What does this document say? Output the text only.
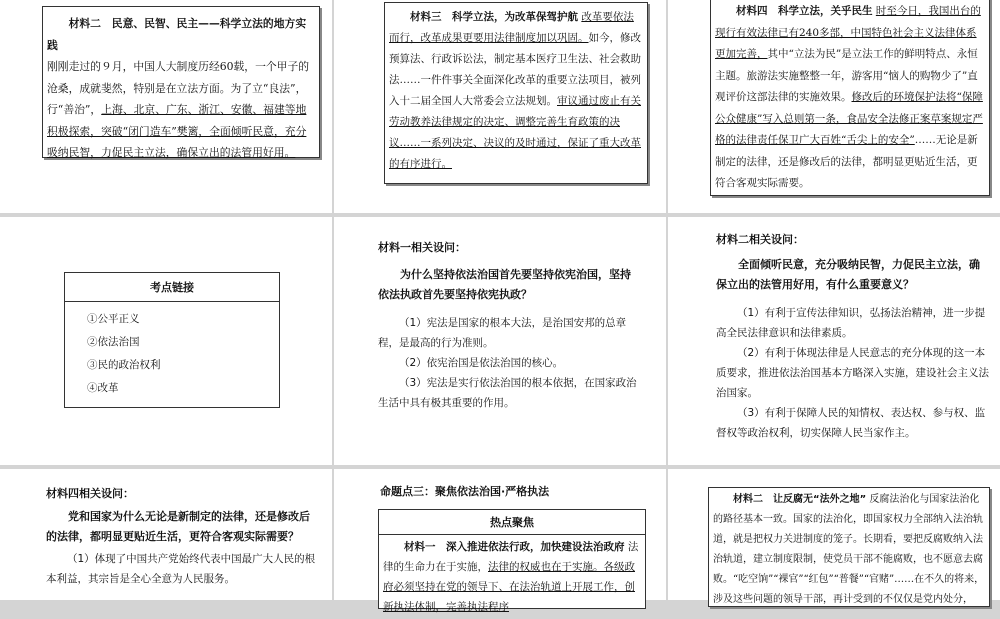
材料二　民意、民智、民主——科学立法的地方实践 刚刚走过的９月，中国人大制度历经60载，一个甲子的沧桑，成就斐然，特别是在立法方面。为了立“良法”，行“善治”，上海、北京、广东、浙江、安徽、福建等地积极探索，突破“闭门造车”樊篱，全面倾听民意，充分吸纳民智，力促民主立法，确保立出的法管用好用。
材料三　科学立法，为改革保驾护航 改革要依法而行，改革成果更要用法律制度加以巩固。如今，修改预算法、行政诉讼法，制定基本医疗卫生法、社会救助法……一件件事关全面深化改革的重要立法项目，被列入十二届全国人大常委会立法规划。审议通过废止有关劳动教养法律规定的决定、调整完善生育政策的决议……一系列决定、决议的及时通过，保证了重大改革的有序进行。
材料四　科学立法，关乎民生 时至今日，我国出台的现行有效法律已有240多部，中国特色社会主义法律体系更加完善，其中“立法为民”是立法工作的鲜明特点、永恒主题。旅游法实施整整一年，游客用“恼人的购物少了”直观评价这部法律的实施效果。修改后的环境保护法将“保障公众健康”写入总则第一条，食品安全法修正案草案规定严格的法律责任保卫广大百姓“舌尖上的安全”……无论是新制定的法律，还是修改后的法律，都明显更贴近生活，更符合客观实际需要。
考点链接
①公平正义
②依法治国
③民的政治权利
④改革
材料一相关设问：

为什么坚持依法治国首先要坚持依宪治国，坚持依法执政首先要坚持依宪执政？

（1）宪法是国家的根本大法，是治国安邦的总章程，是最高的行为准则。

（2）依宪治国是依法治国的核心。

（3）宪法是实行依法治国的根本依据，在国家政治生活中具有极其重要的作用。

材料二相关设问：

全面倾听民意，充分吸纳民智，力促民主立法，确保立出的法管用好用，有什么重要意义？

（1）有利于宣传法律知识，弘扬法治精神，进一步提高全民法律意识和法律素质。

（2）有利于体现法律是人民意志的充分体现的这一本质要求，推进依法治国基本方略深入实施，建设社会主义法治国家。

（3）有利于保障人民的知情权、表达权、参与权、监督权等政治权利，切实保障人民当家作主。

材料四相关设问：

党和国家为什么无论是新制定的法律，还是修改后的法律，都明显更贴近生活，更符合客观实际需要？

（1）体现了中国共产党始终代表中国最广大人民的根本利益，其宗旨是全心全意为人民服务。

命题点三：聚焦依法治国·严格执法
热点聚焦
材料一　深入推进依法行政，加快建设法治政府 法律的生命力在于实施，法律的权威也在于实施。各级政府必须坚持在党的领导下、在法治轨道上开展工作，创新执法体制，完善执法程序
材料二　让反腐无“法外之地” 反腐法治化与国家法治化的路径基本一致。国家的法治化，即国家权力全部纳入法治轨道，就是把权力关进制度的笼子。长期看，要把反腐败纳入法治轨道，建立制度限制，使党员干部不能腐败，也不愿意去腐败。“吃空饷”“裸官”“红包”“普餐”“官赌”……在不久的将来，涉及这些问题的领导干部，再计受到的不仅仅是党内处分，
